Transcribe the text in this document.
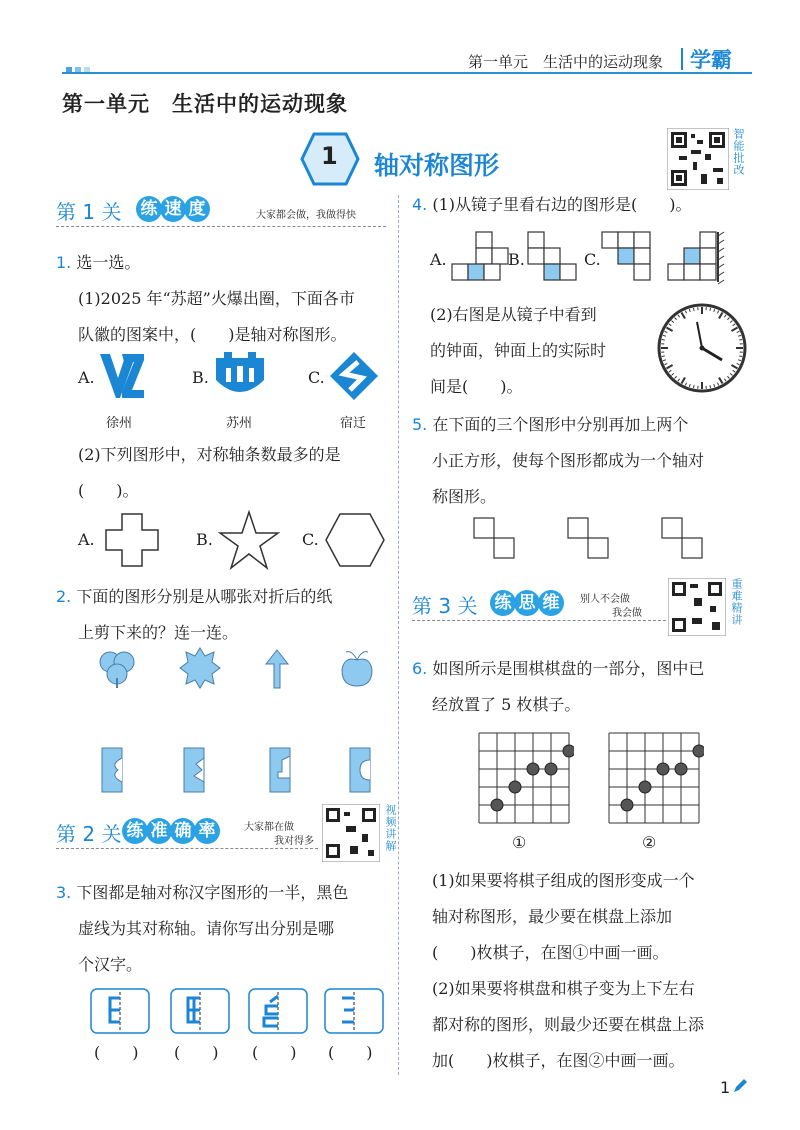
第一单元　生活中的运动现象 学霸
第一单元　生活中的运动现象
1 轴对称图形	智能批改
第 1 关 练 速 度	大家都会做，我做得快
1. 选一选。
(1)2025 年“苏超”火爆出圈，下面各市
队徽的图案中，(　　)是轴对称图形。
A.
徐州
B.
苏州
C.
宿迁
(2)下列图形中，对称轴条数最多的是
(　　)。
A.	B.	C.
2. 下面的图形分别是从哪张对折后的纸
上剪下来的？连一连。
第 2 关 练 准 确 率	大家都在做
我对得多	视频讲解
3. 下图都是轴对称汉字图形的一半，黑色
虚线为其对称轴。请你写出分别是哪
个汉字。
(　　) (　　) (　　) (　　)
4. (1)从镜子里看右边的图形是(　　)。
A.	B.	C.
(2)右图是从镜子中看到
的钟面，钟面上的实际时
间是(　　)。
5. 在下面的三个图形中分别再加上两个
小正方形，使每个图形都成为一个轴对
称图形。
第 3 关 练 思 维 别人不会做
我会做	重难精讲
6. 如图所示是围棋棋盘的一部分，图中已
经放置了 5 枚棋子。
①	②
(1)如果要将棋子组成的图形变成一个
轴对称图形，最少要在棋盘上添加
(　　)枚棋子，在图①中画一画。
(2)如果要将棋盘和棋子变为上下左右
都对称的图形，则最少还要在棋盘上添
加(　　)枚棋子，在图②中画一画。
1
